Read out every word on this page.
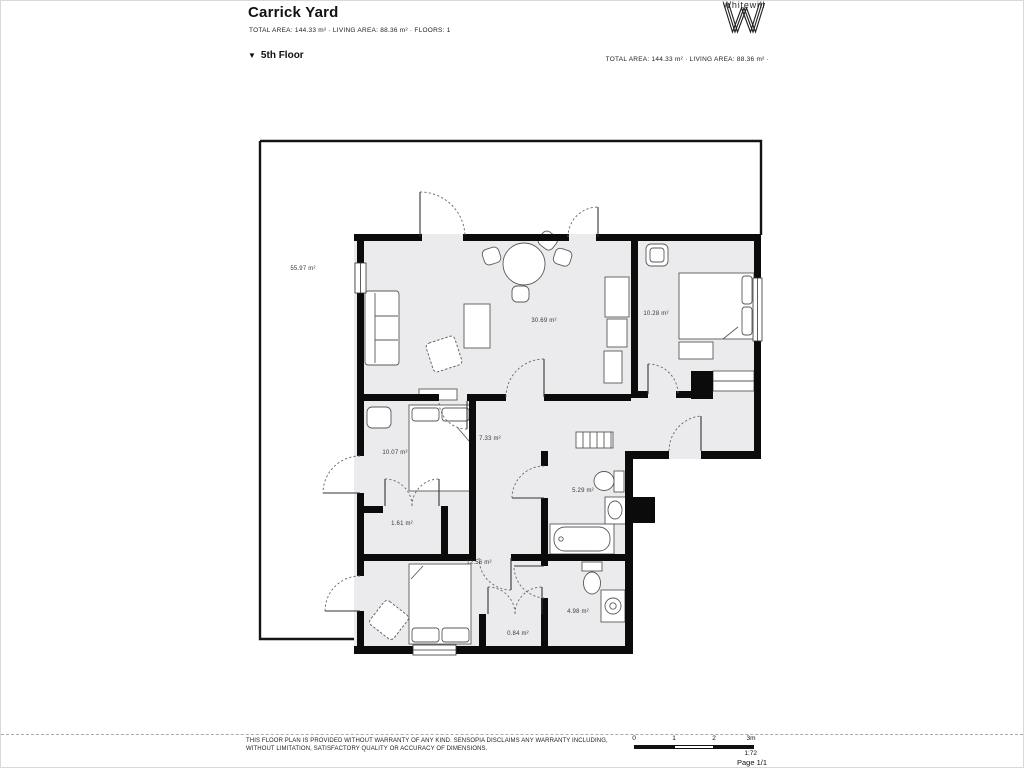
Carrick Yard
TOTAL AREA: 144.33 m² · LIVING AREA: 88.36 m² · FLOORS: 1
▼ 5th Floor	TOTAL AREA: 144.33 m² · LIVING AREA: 88.36 m² ·
Whitewill
55.97 m²
30.69 m²
10.28 m²
10.07 m²
7.33 m²
5.29 m²
1.61 m²
12.56 m²
4.98 m²
0.84 m²
THIS FLOOR PLAN IS PROVIDED WITHOUT WARRANTY OF ANY KIND. SENSOPIA DISCLAIMS ANY WARRANTY INCLUDING,
WITHOUT LIMITATION, SATISFACTORY QUALITY OR ACCURACY OF DIMENSIONS.
0	1	2	3m
1:72
Page 1/1
